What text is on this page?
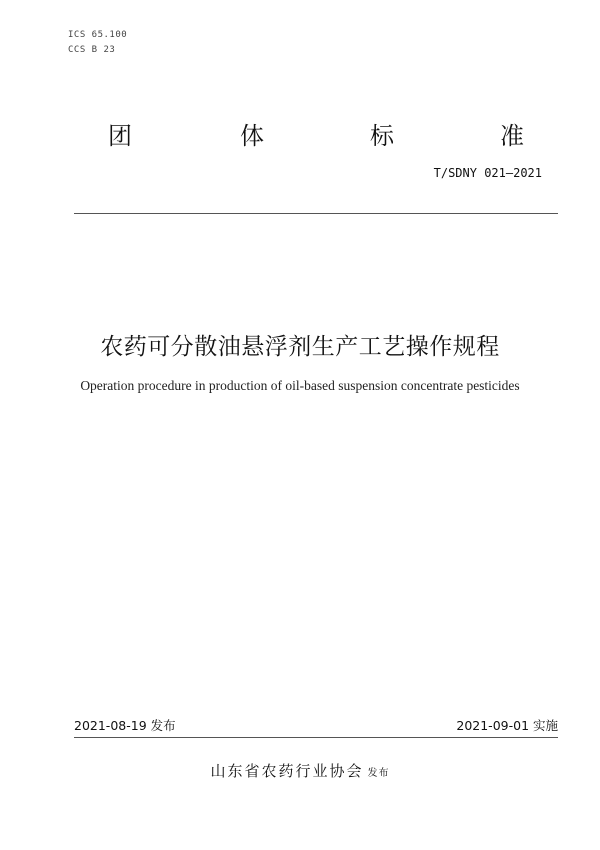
ICS 65.100
CCS B 23
团	体	标	准
T/SDNY 021—2021
农药可分散油悬浮剂生产工艺操作规程
Operation procedure in production of oil-based suspension concentrate pesticides
2021-08-19 发布	2021-09-01 实施
山东省农药行业协会 发布
